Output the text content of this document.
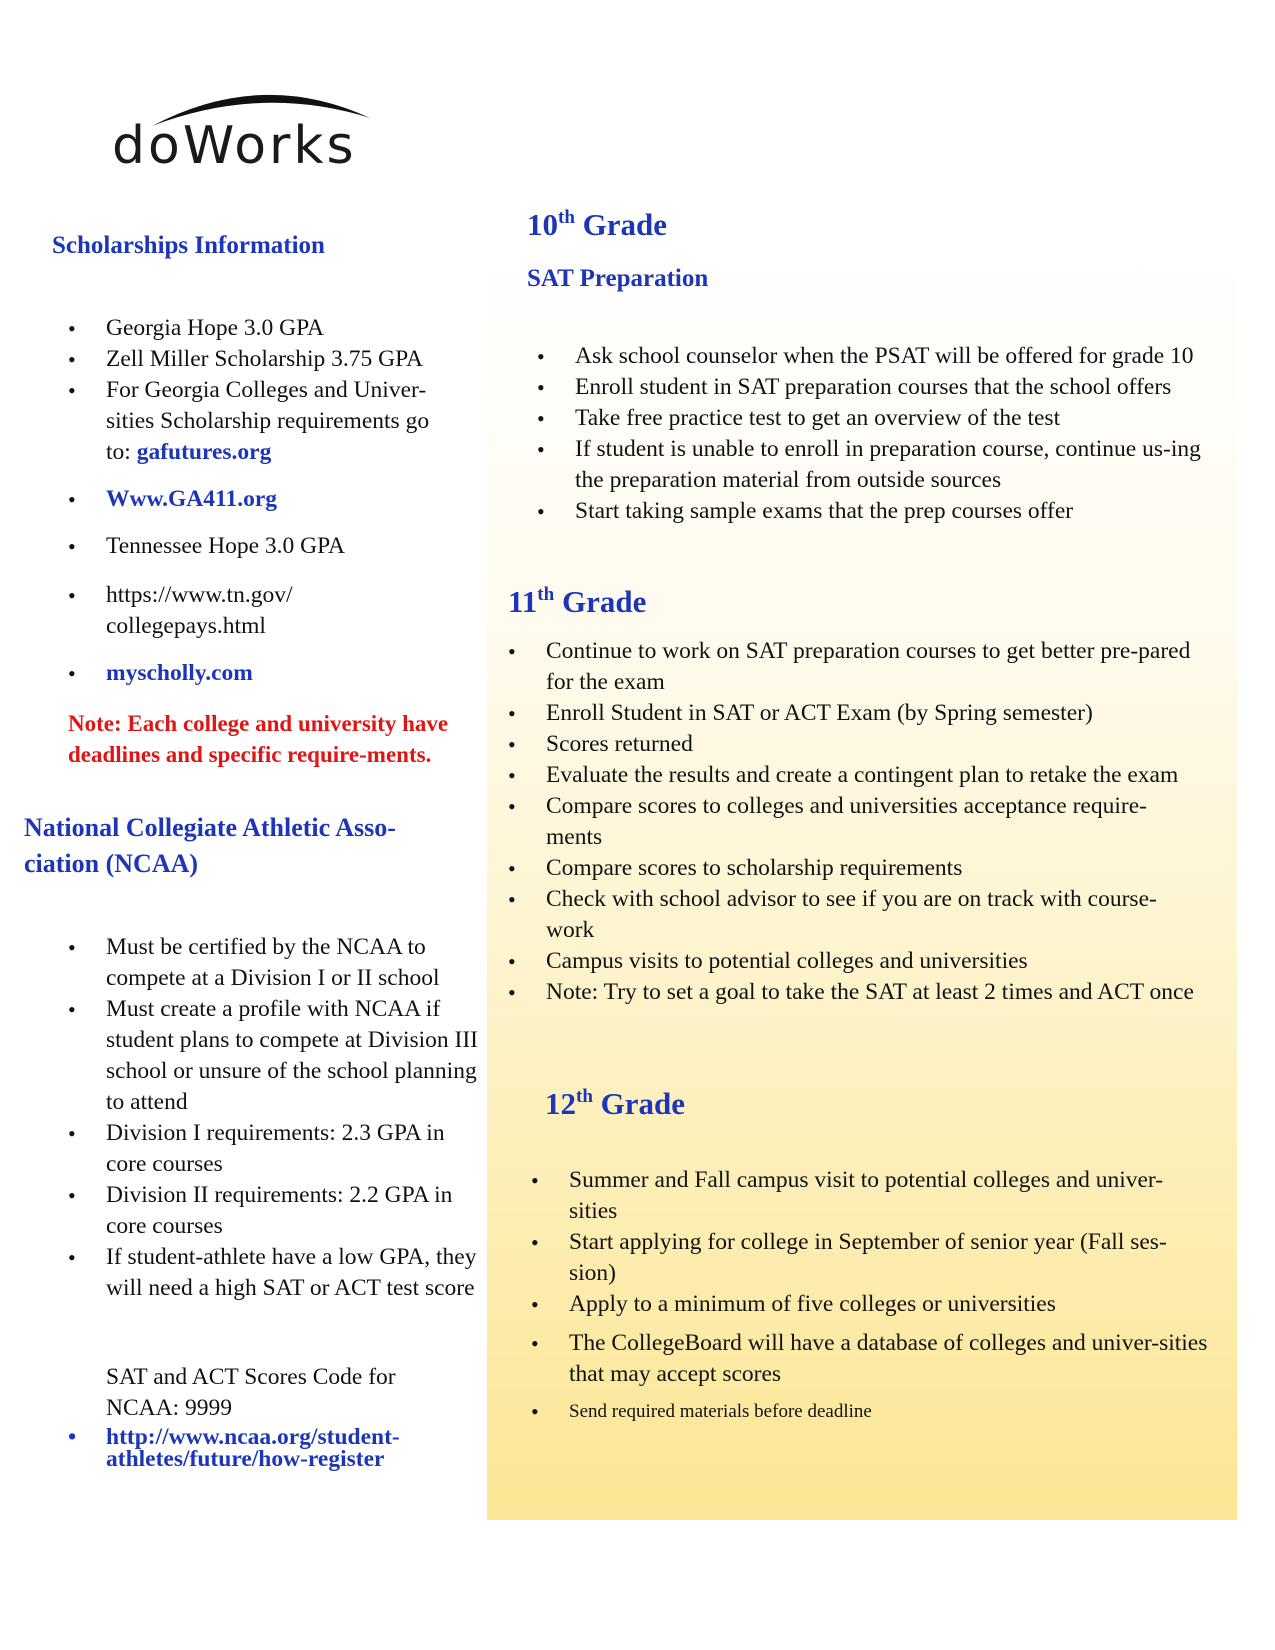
doWorks
Scholarships Information
• Georgia Hope 3.0 GPA
• Zell Miller Scholarship 3.75 GPA
• For Georgia Colleges and Univer-sities Scholarship requirements go to: gafutures.org
• Www.GA411.org
• Tennessee Hope 3.0 GPA
• https://www.tn.gov/ collegepays.html
• myscholly.com

Note: Each college and university have deadlines and specific require-ments.

National Collegiate Athletic Asso-ciation (NCAA)
• Must be certified by the NCAA to compete at a Division I or II school
• Must create a profile with NCAA if student plans to compete at Division III school or unsure of the school planning to attend
• Division I requirements: 2.3 GPA in core courses
• Division II requirements: 2.2 GPA in core courses
• If student-athlete have a low GPA, they will need a high SAT or ACT test score

SAT and ACT Scores Code for NCAA: 9999

•	http://www.ncaa.org/student-athletes/future/how-register
10th Grade
SAT Preparation
• Ask school counselor when the PSAT will be offered for grade 10
• Enroll student in SAT preparation courses that the school offers
• Take free practice test to get an overview of the test
• If student is unable to enroll in preparation course, continue us-ing the preparation material from outside sources
• Start taking sample exams that the prep courses offer
11th Grade
• Continue to work on SAT preparation courses to get better pre-pared for the exam
• Enroll Student in SAT or ACT Exam (by Spring semester)
• Scores returned
• Evaluate the results and create a contingent plan to retake the exam
• Compare scores to colleges and universities acceptance require-ments
• Compare scores to scholarship requirements
• Check with school advisor to see if you are on track with course-work
• Campus visits to potential colleges and universities
• Note: Try to set a goal to take the SAT at least 2 times and ACT once
12th Grade
• Summer and Fall campus visit to potential colleges and univer-sities
• Start applying for college in September of senior year (Fall ses-sion)
• Apply to a minimum of five colleges or universities
• The CollegeBoard will have a database of colleges and univer-sities that may accept scores
• Send required materials before deadline
